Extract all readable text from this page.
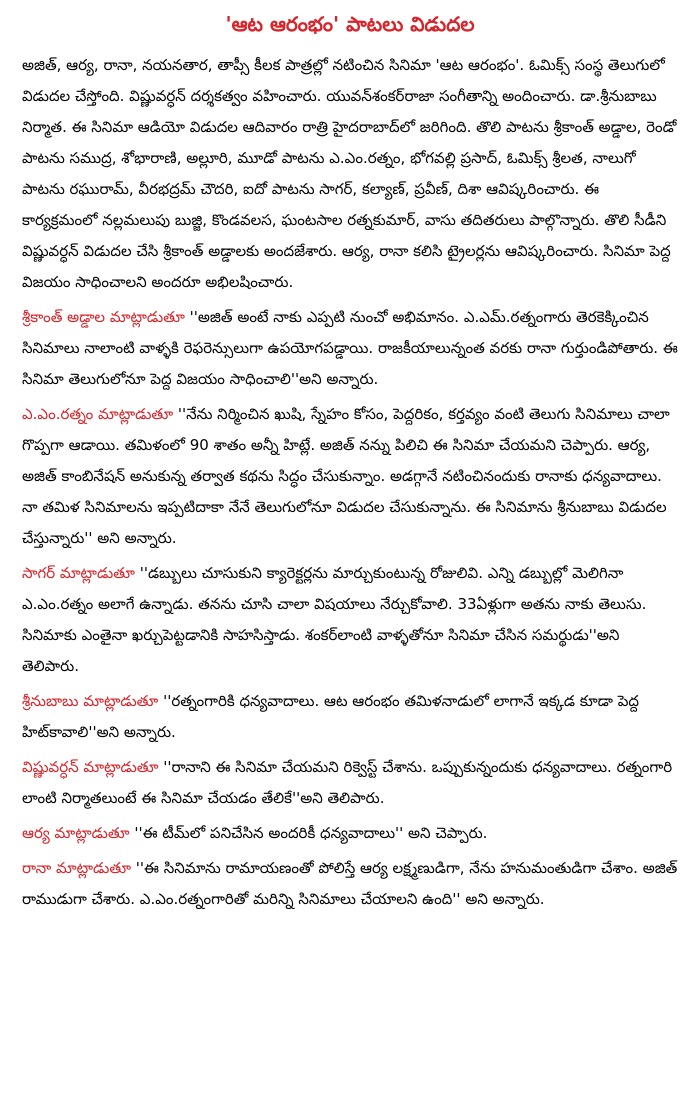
'ఆట ఆరంభం' పాటలు విడుదల

అజిత్, ఆర్య, రానా, నయనతార, తాప్సీ కీలక పాత్రల్లో నటించిన సినిమా 'ఆట ఆరంభం'. ఓమిక్స్ సంస్థ తెలుగులో విడుదల చేస్తోంది. విష్ణువర్ధన్ దర్శకత్వం వహించారు. యువన్‌శంకర్‌రాజా సంగీతాన్ని అందించారు. డా.శ్రీనుబాబు నిర్మాత. ఈ సినిమా ఆడియో విడుదల ఆదివారం రాత్రి హైదరాబాద్‌లో జరిగింది. తొలి పాటను శ్రీకాంత్ అడ్డాల, రెండో పాటను సముద్ర, శోభారాణి, అల్లూరి, మూడో పాటను ఎ.ఎం.రత్నం, భోగవల్లి ప్రసాద్, ఓమిక్స్ శ్రీలత, నాలుగో పాటను రఘురామ్, వీరభద్రమ్ చౌదరి, ఐదో పాటను సాగర్, కల్యాణ్, ప్రవీణ్, దిశా ఆవిష్కరించారు. ఈ కార్యక్రమంలో నల్లమలుపు బుజ్జి, కొండవలస, ఘంటసాల రత్నకుమార్, వాసు తదితరులు పాల్గొన్నారు. తొలి సీడీని విష్ణువర్ధన్ విడుదల చేసి శ్రీకాంత్ అడ్డాలకు అందజేశారు. ఆర్య, రానా కలిసి ట్రైలర్లను ఆవిష్కరించారు. సినిమా పెద్ద విజయం సాధించాలని అందరూ అభిలషించారు.

శ్రీకాంత్ అడ్డాల మాట్లాడుతూ ''అజిత్ అంటే నాకు ఎప్పటి నుంచో అభిమానం. ఎ.ఎమ్.రత్నంగారు తెరకెక్కించిన సినిమాలు నాలాంటి వాళ్ళకి రెఫరెన్సులుగా ఉపయోగపడ్డాయి. రాజకీయాలున్నంత వరకు రానా గుర్తుండిపోతారు. ఈ సినిమా తెలుగులోనూ పెద్ద విజయం సాధించాలి''అని అన్నారు.

ఎ.ఎం.రత్నం మాట్లాడుతూ ''నేను నిర్మించిన ఖుషి, స్నేహం కోసం, పెద్దరికం, కర్తవ్యం వంటి తెలుగు సినిమాలు చాలా గొప్పగా ఆడాయి. తమిళంలో 90 శాతం అన్నీ హిట్లే. అజిత్ నన్ను పిలిచి ఈ సినిమా చేయమని చెప్పారు. ఆర్య, అజిత్ కాంబినేషన్ అనుకున్న తర్వాత కథను సిద్ధం చేసుకున్నాం. అడగ్గానే నటించినందుకు రానాకు ధన్యవాదాలు. నా తమిళ సినిమాలను ఇప్పటిదాకా నేనే తెలుగులోనూ విడుదల చేసుకున్నాను. ఈ సినిమాను శ్రీనుబాబు విడుదల చేస్తున్నారు'' అని అన్నారు.

సాగర్ మాట్లాడుతూ ''డబ్బులు చూసుకుని క్యారెక్టర్లను మార్చుకుంటున్న రోజులివి. ఎన్ని డబ్బుల్లో మెలిగినా ఎ.ఎం.రత్నం అలాగే ఉన్నాడు. తనను చూసి చాలా విషయాలు నేర్చుకోవాలి. 33ఏళ్లుగా అతను నాకు తెలుసు. సినిమాకు ఎంతైనా ఖర్చుపెట్టడానికి సాహసిస్తాడు. శంకర్‌లాంటి వాళ్ళతోనూ సినిమా చేసిన సమర్థుడు''అని తెలిపారు.

శ్రీనుబాబు మాట్లాడుతూ ''రత్నంగారికి ధన్యవాదాలు. ఆట ఆరంభం తమిళనాడులో లాగానే ఇక్కడ కూడా పెద్ద హిట్‌కావాలి''అని అన్నారు.

విష్ణువర్ధన్ మాట్లాడుతూ ''రానాని ఈ సినిమా చేయమని రిక్వెస్ట్ చేశాను. ఒప్పుకున్నందుకు ధన్యవాదాలు. రత్నంగారి లాంటి నిర్మాతలుంటే ఈ సినిమా చేయడం తేలికే''అని తెలిపారు.

ఆర్య మాట్లాడుతూ ''ఈ టీమ్‌లో పనిచేసిన అందరికీ ధన్యవాదాలు'' అని చెప్పారు.

రానా మాట్లాడుతూ ''ఈ సినిమాను రామాయణంతో పోలిస్తే ఆర్య లక్ష్మణుడిగా, నేను హనుమంతుడిగా చేశాం. అజిత్ రాముడుగా చేశారు. ఎ.ఎం.రత్నంగారితో మరిన్ని సినిమాలు చేయాలని ఉంది'' అని అన్నారు.
